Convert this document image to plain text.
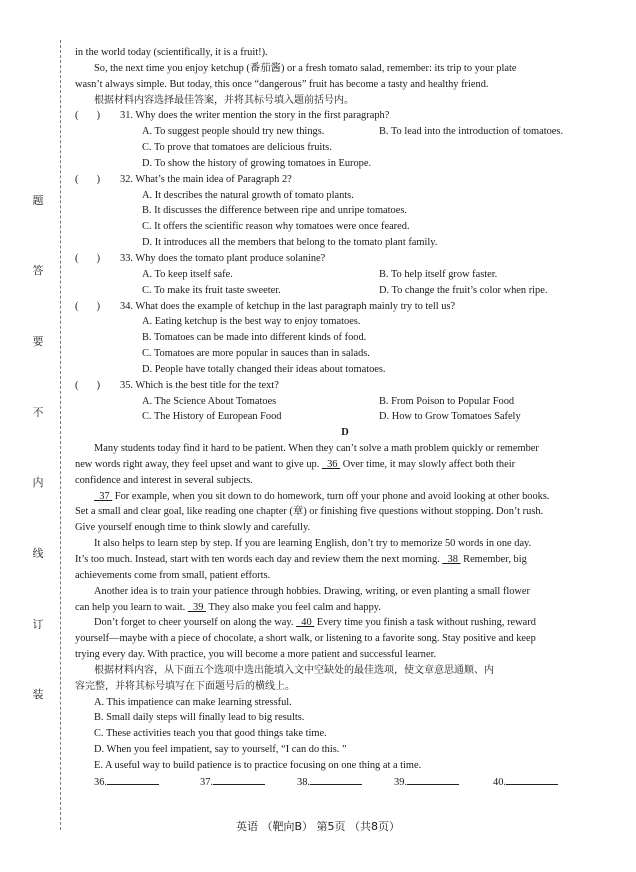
题
答
要
不
内
线
订
装
in the world today (scientifically, it is a fruit!).
So, the next time you enjoy ketchup (番茄酱) or a fresh tomato salad, remember: its trip to your plate
wasn’t always simple. But today, this once “dangerous” fruit has become a tasty and healthy friend.
根据材料内容选择最佳答案，并将其标号填入题前括号内。
(       ) 31. Why does the writer mention the story in the first paragraph?
A. To suggest people should try new things.	B. To lead into the introduction of tomatoes.
C. To prove that tomatoes are delicious fruits.
D. To show the history of growing tomatoes in Europe.
(       ) 32. What’s the main idea of Paragraph 2?
A. It describes the natural growth of tomato plants.
B. It discusses the difference between ripe and unripe tomatoes.
C. It offers the scientific reason why tomatoes were once feared.
D. It introduces all the members that belong to the tomato plant family.
(       ) 33. Why does the tomato plant produce solanine?
A. To keep itself safe.	B. To help itself grow faster.
C. To make its fruit taste sweeter.	D. To change the fruit’s color when ripe.
(       ) 34. What does the example of ketchup in the last paragraph mainly try to tell us?
A. Eating ketchup is the best way to enjoy tomatoes.
B. Tomatoes can be made into different kinds of food.
C. Tomatoes are more popular in sauces than in salads.
D. People have totally changed their ideas about tomatoes.
(       ) 35. Which is the best title for the text?
A. The Science About Tomatoes	B. From Poison to Popular Food
C. The History of European Food	D. How to Grow Tomatoes Safely
D
Many students today find it hard to be patient. When they can’t solve a math problem quickly or remember
new words right away, they feel upset and want to give up.   36  Over time, it may slowly affect both their
confidence and interest in several subjects.
37  For example, when you sit down to do homework, turn off your phone and avoid looking at other books.
Set a small and clear goal, like reading one chapter (章) or finishing five questions without stopping. Don’t rush.
Give yourself enough time to think slowly and carefully.
It also helps to learn step by step. If you are learning English, don’t try to memorize 50 words in one day.
It’s too much. Instead, start with ten words each day and review them the next morning.   38  Remember, big
achievements come from small, patient efforts.
Another idea is to train your patience through hobbies. Drawing, writing, or even planting a small flower
can help you learn to wait.   39  They also make you feel calm and happy.
Don’t forget to cheer yourself on along the way.   40  Every time you finish a task without rushing, reward
yourself—maybe with a piece of chocolate, a short walk, or listening to a favorite song. Stay positive and keep
trying every day. With practice, you will become a more patient and successful learner.
根据材料内容，从下面五个选项中选出能填入文中空缺处的最佳选项，使文章意思通顺、内
容完整，并将其标号填写在下面题号后的横线上。
A. This impatience can make learning stressful.
B. Small daily steps will finally lead to big results.
C. These activities teach you that good things take time.
D. When you feel impatient, say to yourself, “I can do this. ”
E. A useful way to build patience is to practice focusing on one thing at a time.
36.	37.	38.	39.	40.
英语 （靶向B） 第5页 （共8页）
